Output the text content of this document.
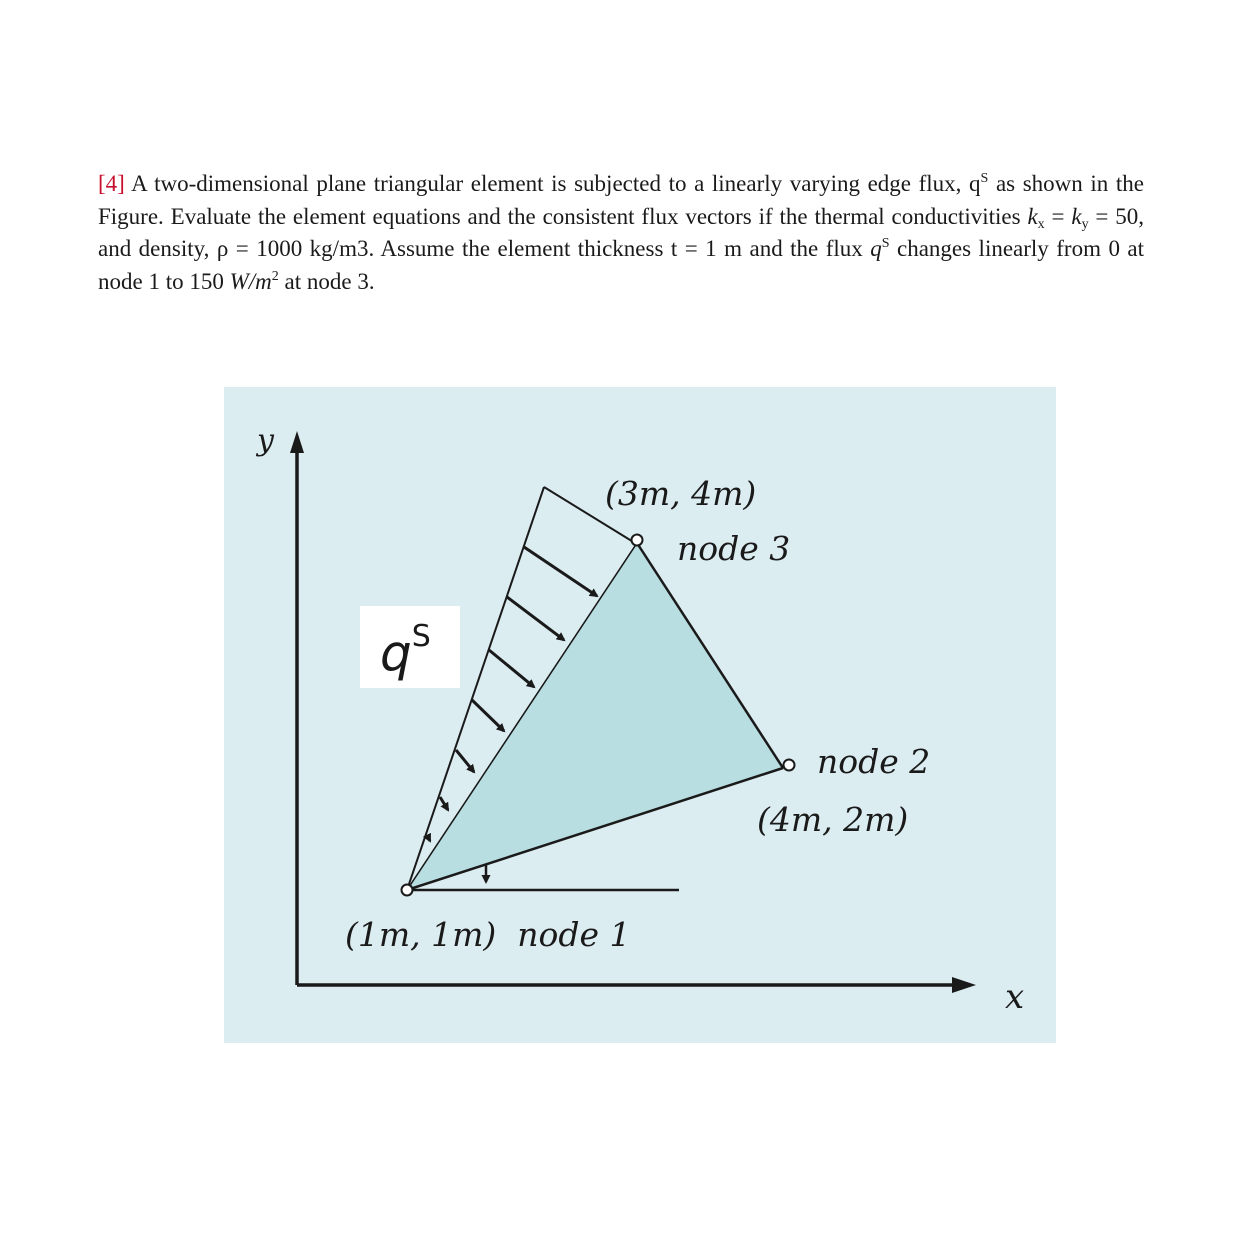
[4] A two-dimensional plane triangular element is subjected to a linearly varying edge flux, $q^S$ as shown in the Figure. Evaluate the element equations and the consistent flux vectors if the thermal conductivities $k_x = k_y = 50$, and density, ρ = 1000 kg/m3. Assume the element thickness t = 1 m and the flux $q^S$ changes linearly from 0 at node 1 to 150 $W/m^2$ at node 3.
y
x
$q^S$
(3m, 4m)
node 3
node 2
(4m, 2m)
(1m, 1m)  node 1
